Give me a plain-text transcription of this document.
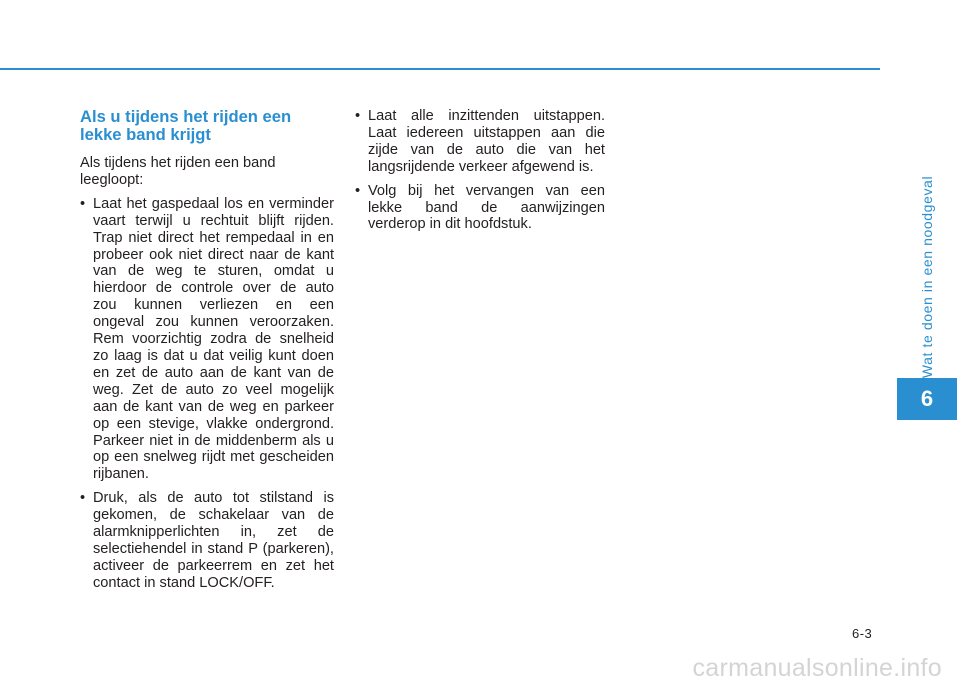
Wat te doen in een noodgeval
6
Als u tijdens het rijden een lekke band krijgt

Als tijdens het rijden een band leegloopt:

• Laat het gaspedaal los en verminder vaart terwijl u rechtuit blijft rijden. Trap niet direct het rempedaal in en probeer ook niet direct naar de kant van de weg te sturen, omdat u hierdoor de controle over de auto zou kunnen verliezen en een ongeval zou kunnen veroorzaken. Rem voorzichtig zodra de snelheid zo laag is dat u dat veilig kunt doen en zet de auto aan de kant van de weg. Zet de auto zo veel mogelijk aan de kant van de weg en parkeer op een stevige, vlakke ondergrond. Parkeer niet in de middenberm als u op een snelweg rijdt met gescheiden rijbanen.
• Druk, als de auto tot stilstand is gekomen, de schakelaar van de alarmknipperlichten in, zet de selectiehendel in stand P (parkeren), activeer de parkeerrem en zet het contact in stand LOCK/OFF.
• Laat alle inzittenden uitstappen. Laat iedereen uitstappen aan die zijde van de auto die van het langsrijdende verkeer afgewend is.
• Volg bij het vervangen van een lekke band de aanwijzingen verderop in dit hoofdstuk.
6-3
carmanualsonline.info
